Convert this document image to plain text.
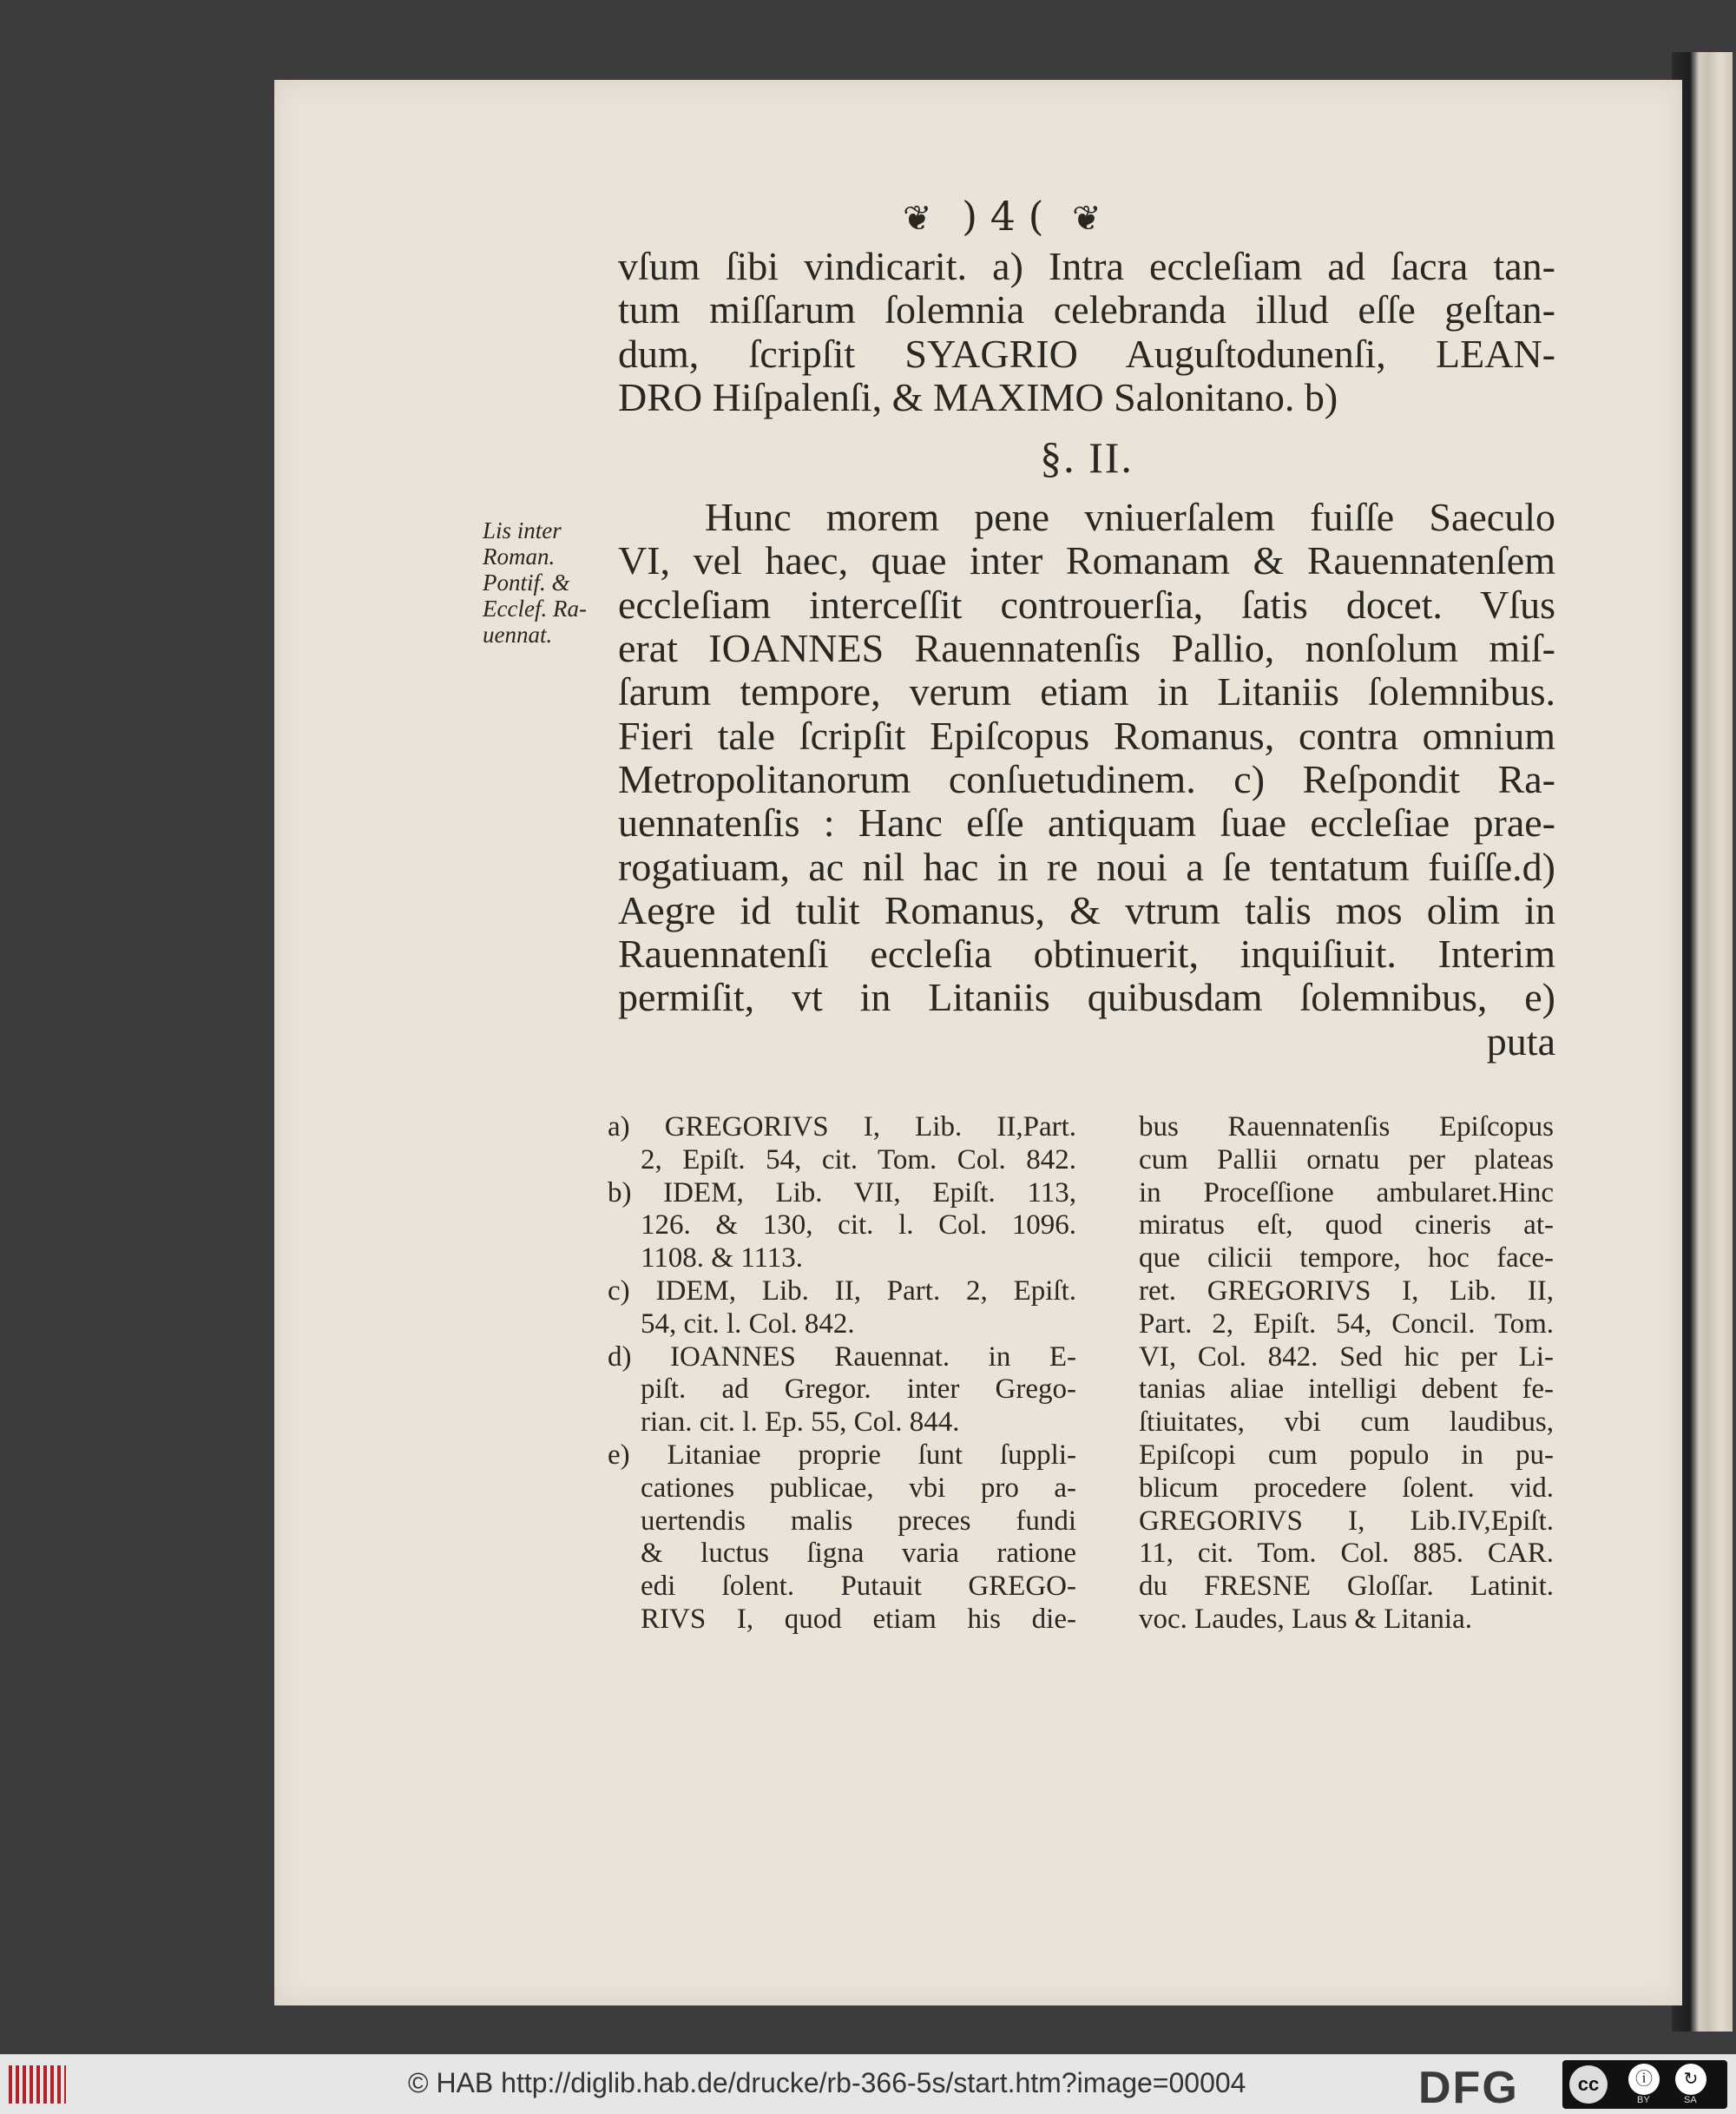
❦ ) 4 ( ❦
vſum ſibi vindicarit. a) Intra eccleſiam ad ſacra tan-
tum miſſarum ſolemnia celebranda illud eſſe geſtan-
dum, ſcripſit SYAGRIO Auguſtodunenſi, LEAN-
DRO Hiſpalenſi, & MAXIMO Salonitano. b)
§. II.
Hunc morem pene vniuerſalem fuiſſe Saeculo
VI, vel haec, quae inter Romanam & Rauennatenſem
eccleſiam interceſſit controuerſia, ſatis docet. Vſus
erat IOANNES Rauennatenſis Pallio, nonſolum miſ-
ſarum tempore, verum etiam in Litaniis ſolemnibus.
Fieri tale ſcripſit Epiſcopus Romanus, contra omnium
Metropolitanorum conſuetudinem. c) Reſpondit Ra-
uennatenſis : Hanc eſſe antiquam ſuae eccleſiae prae-
rogatiuam, ac nil hac in re noui a ſe tentatum fuiſſe.d)
Aegre id tulit Romanus, & vtrum talis mos olim in
Rauennatenſi eccleſia obtinuerit, inquiſiuit. Interim
permiſit, vt in Litaniis quibusdam ſolemnibus, e)
puta
Lis inter
Roman.
Pontif. &
Ecclef. Ra-
uennat.
a) GREGORIVS I, Lib. II,Part.
2, Epiſt. 54, cit. Tom. Col. 842.
b) IDEM, Lib. VII, Epiſt. 113,
126. & 130, cit. l. Col. 1096.
1108. & 1113.
c) IDEM, Lib. II, Part. 2, Epiſt.
54, cit. l. Col. 842.
d) IOANNES Rauennat. in E-
piſt. ad Gregor. inter Grego-
rian. cit. l. Ep. 55, Col. 844.
e) Litaniae proprie ſunt ſuppli-
cationes publicae, vbi pro a-
uertendis malis preces fundi
& luctus ſigna varia ratione
edi ſolent. Putauit GREGO-
RIVS I, quod etiam his die-
bus Rauennatenſis Epiſcopus
cum Pallii ornatu per plateas
in Proceſſione ambularet.Hinc
miratus eſt, quod cineris at-
que cilicii tempore, hoc face-
ret. GREGORIVS I, Lib. II,
Part. 2, Epiſt. 54, Concil. Tom.
VI, Col. 842. Sed hic per Li-
tanias aliae intelligi debent fe-
ſtiuitates, vbi cum laudibus,
Epiſcopi cum populo in pu-
blicum procedere ſolent. vid.
GREGORIVS I, Lib.IV,Epiſt.
11, cit. Tom. Col. 885. CAR.
du FRESNE Gloſſar. Latinit.
voc. Laudes, Laus & Litania.
© HAB http://diglib.hab.de/drucke/rb-366-5s/start.htm?image=00004	DFG	cc	ⓘ	↻
BY	SA
